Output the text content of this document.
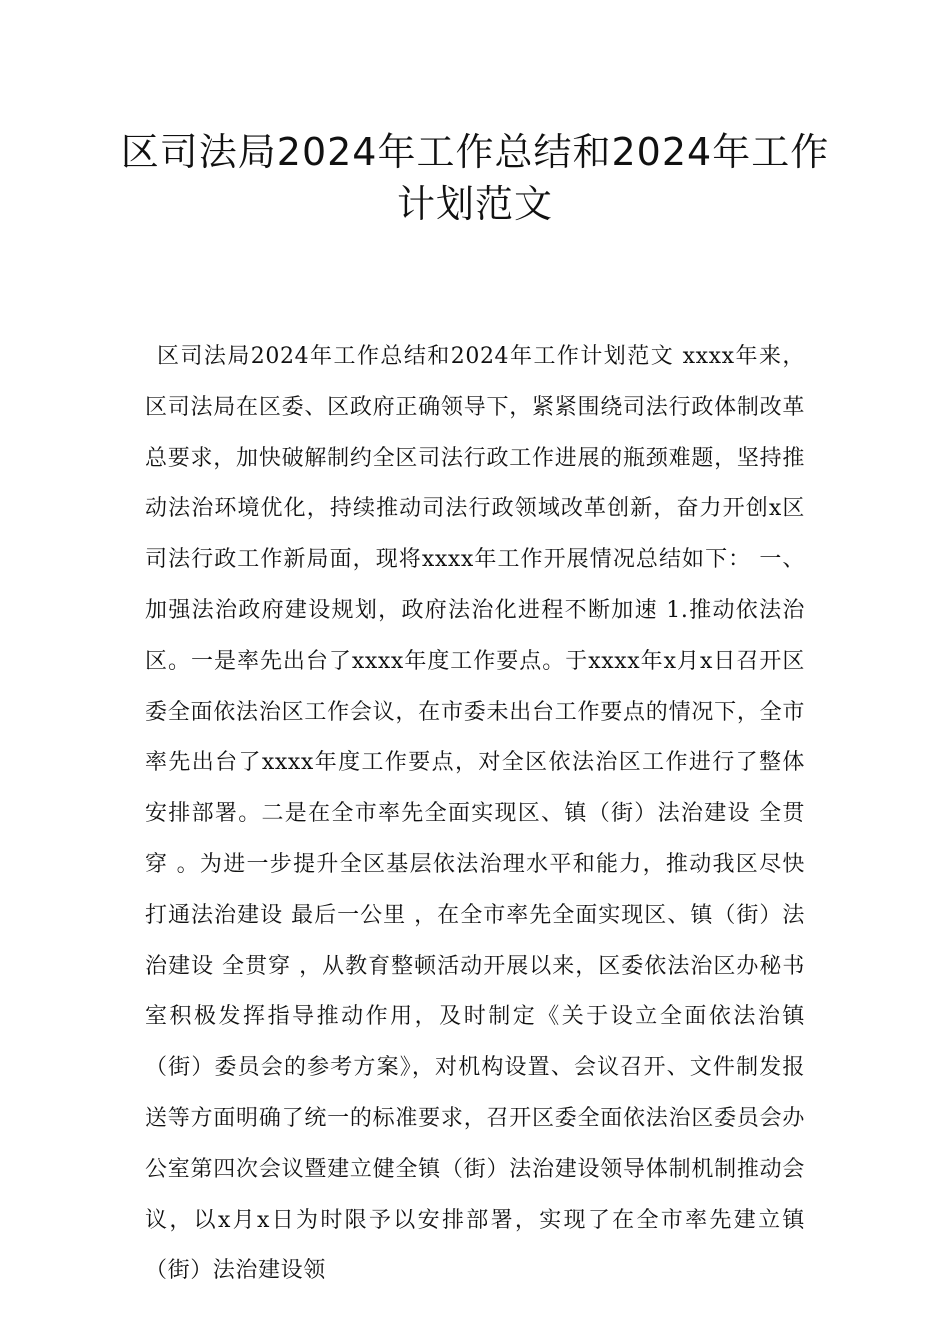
区司法局2024年工作总结和2024年工作计划范文

区司法局2024年工作总结和2024年工作计划范文 xxxx年来，区司法局在区委、区政府正确领导下，紧紧围绕司法行政体制改革总要求，加快破解制约全区司法行政工作进展的瓶颈难题，坚持推动法治环境优化，持续推动司法行政领域改革创新，奋力开创x区司法行政工作新局面，现将xxxx年工作开展情况总结如下： 一、加强法治政府建设规划，政府法治化进程不断加速 1.推动依法治区。一是率先出台了xxxx年度工作要点。于xxxx年x月x日召开区委全面依法治区工作会议，在市委未出台工作要点的情况下，全市率先出台了xxxx年度工作要点，对全区依法治区工作进行了整体安排部署。二是在全市率先全面实现区、镇（街）法治建设 全贯穿 。为进一步提升全区基层依法治理水平和能力，推动我区尽快打通法治建设 最后一公里 ，在全市率先全面实现区、镇（街）法治建设 全贯穿 ，从教育整顿活动开展以来，区委依法治区办秘书室积极发挥指导推动作用，及时制定《关于设立全面依法治镇（街）委员会的参考方案》，对机构设置、会议召开、文件制发报送等方面明确了统一的标准要求，召开区委全面依法治区委员会办公室第四次会议暨建立健全镇（街）法治建设领导体制机制推动会议，以x月x日为时限予以安排部署，实现了在全市率先建立镇（街）法治建设领
